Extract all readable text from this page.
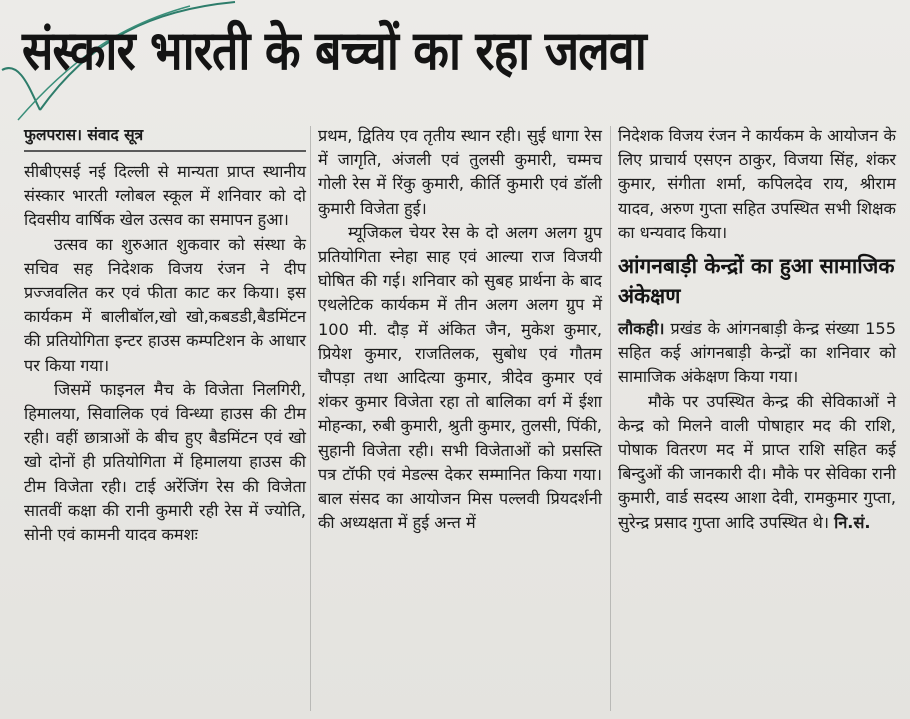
संस्कार भारती के बच्चों का रहा जलवा

फुलपरास। संवाद सूत्र

सीबीएसई नई दिल्ली से मान्यता प्राप्त स्थानीय संस्कार भारती ग्लोबल स्कूल में शनिवार को दो दिवसीय वार्षिक खेल उत्सव का समापन हुआ।

उत्सव का शुरुआत शुकवार को संस्था के सचिव सह निदेशक विजय रंजन ने दीप प्रज्जवलित कर एवं फीता काट कर किया। इस कार्यकम में बालीबॉल,खो खो,कबडडी,बैडमिंटन की प्रतियोगिता इन्टर हाउस कम्पटिशन के आधार पर किया गया।

जिसमें फाइनल मैच के विजेता निलगिरी, हिमालया, सिवालिक एवं विन्ध्या हाउस की टीम रही। वहीं छात्राओं के बीच हुए बैडमिंटन एवं खो खो दोनों ही प्रतियोगिता में हिमालया हाउस की टीम विजेता रही। टाई अरेंजिंग रेस की विजेता सातवीं कक्षा की रानी कुमारी रही रेस में ज्योति, सोनी एवं कामनी यादव कमशः

प्रथम, द्वितिय एव तृतीय स्थान रही। सुई धागा रेस में जागृति, अंजली एवं तुलसी कुमारी, चम्मच गोली रेस में रिंकु कुमारी, कीर्ति कुमारी एवं डॉली कुमारी विजेता हुई।

म्यूजिकल चेयर रेस के दो अलग अलग ग्रुप प्रतियोगिता स्नेहा साह एवं आल्या राज विजयी घोषित की गई। शनिवार को सुबह प्रार्थना के बाद एथलेटिक कार्यकम में तीन अलग अलग ग्रुप में 100 मी. दौड़ में अंकित जैन, मुकेश कुमार, प्रियेश कुमार, राजतिलक, सुबोध एवं गौतम चौपड़ा तथा आदित्या कुमार, त्रीदेव कुमार एवं शंकर कुमार विजेता रहा तो बालिका वर्ग में ईशा मोहन्का, रुबी कुमारी, श्रुती कुमार, तुलसी, पिंकी, सुहानी विजेता रही। सभी विजेताओं को प्रसस्ति पत्र टॉफी एवं मेडल्स देकर सम्मानित किया गया। बाल संसद का आयोजन मिस पल्लवी प्रियदर्शनी की अध्यक्षता में हुई अन्त में

निदेशक विजय रंजन ने कार्यकम के आयोजन के लिए प्राचार्य एसएन ठाकुर, विजया सिंह, शंकर कुमार, संगीता शर्मा, कपिलदेव राय, श्रीराम यादव, अरुण गुप्ता सहित उपस्थित सभी शिक्षक का धन्यवाद किया।

आंगनबाड़ी केन्द्रों का हुआ सामाजिक अंकेक्षण

लौकही। प्रखंड के आंगनबाड़ी केन्द्र संख्या 155 सहित कई आंगनबाड़ी केन्द्रों का शनिवार को सामाजिक अंकेक्षण किया गया।

मौके पर उपस्थित केन्द्र की सेविकाओं ने केन्द्र को मिलने वाली पोषाहार मद की राशि, पोषाक वितरण मद में प्राप्त राशि सहित कई बिन्दुओं की जानकारी दी। मौके पर सेविका रानी कुमारी, वार्ड सदस्य आशा देवी, रामकुमार गुप्ता, सुरेन्द्र प्रसाद गुप्ता आदि उपस्थित थे। नि.सं.
